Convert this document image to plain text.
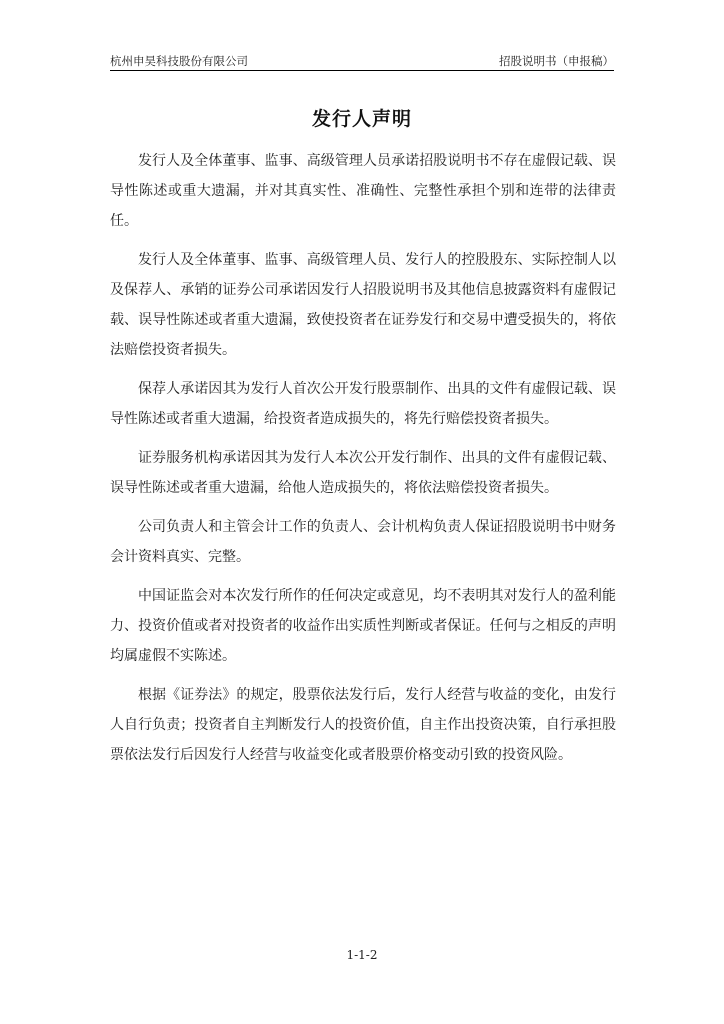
杭州申昊科技股份有限公司	招股说明书（申报稿）
发行人声明

发行人及全体董事、监事、高级管理人员承诺招股说明书不存在虚假记载、误导性陈述或重大遗漏，并对其真实性、准确性、完整性承担个别和连带的法律责任。

发行人及全体董事、监事、高级管理人员、发行人的控股股东、实际控制人以及保荐人、承销的证券公司承诺因发行人招股说明书及其他信息披露资料有虚假记载、误导性陈述或者重大遗漏，致使投资者在证券发行和交易中遭受损失的，将依法赔偿投资者损失。

保荐人承诺因其为发行人首次公开发行股票制作、出具的文件有虚假记载、误导性陈述或者重大遗漏，给投资者造成损失的，将先行赔偿投资者损失。

证券服务机构承诺因其为发行人本次公开发行制作、出具的文件有虚假记载、误导性陈述或者重大遗漏，给他人造成损失的，将依法赔偿投资者损失。

公司负责人和主管会计工作的负责人、会计机构负责人保证招股说明书中财务会计资料真实、完整。

中国证监会对本次发行所作的任何决定或意见，均不表明其对发行人的盈利能力、投资价值或者对投资者的收益作出实质性判断或者保证。任何与之相反的声明均属虚假不实陈述。

根据《证券法》的规定，股票依法发行后，发行人经营与收益的变化，由发行人自行负责；投资者自主判断发行人的投资价值，自主作出投资决策，自行承担股票依法发行后因发行人经营与收益变化或者股票价格变动引致的投资风险。

1-1-2
